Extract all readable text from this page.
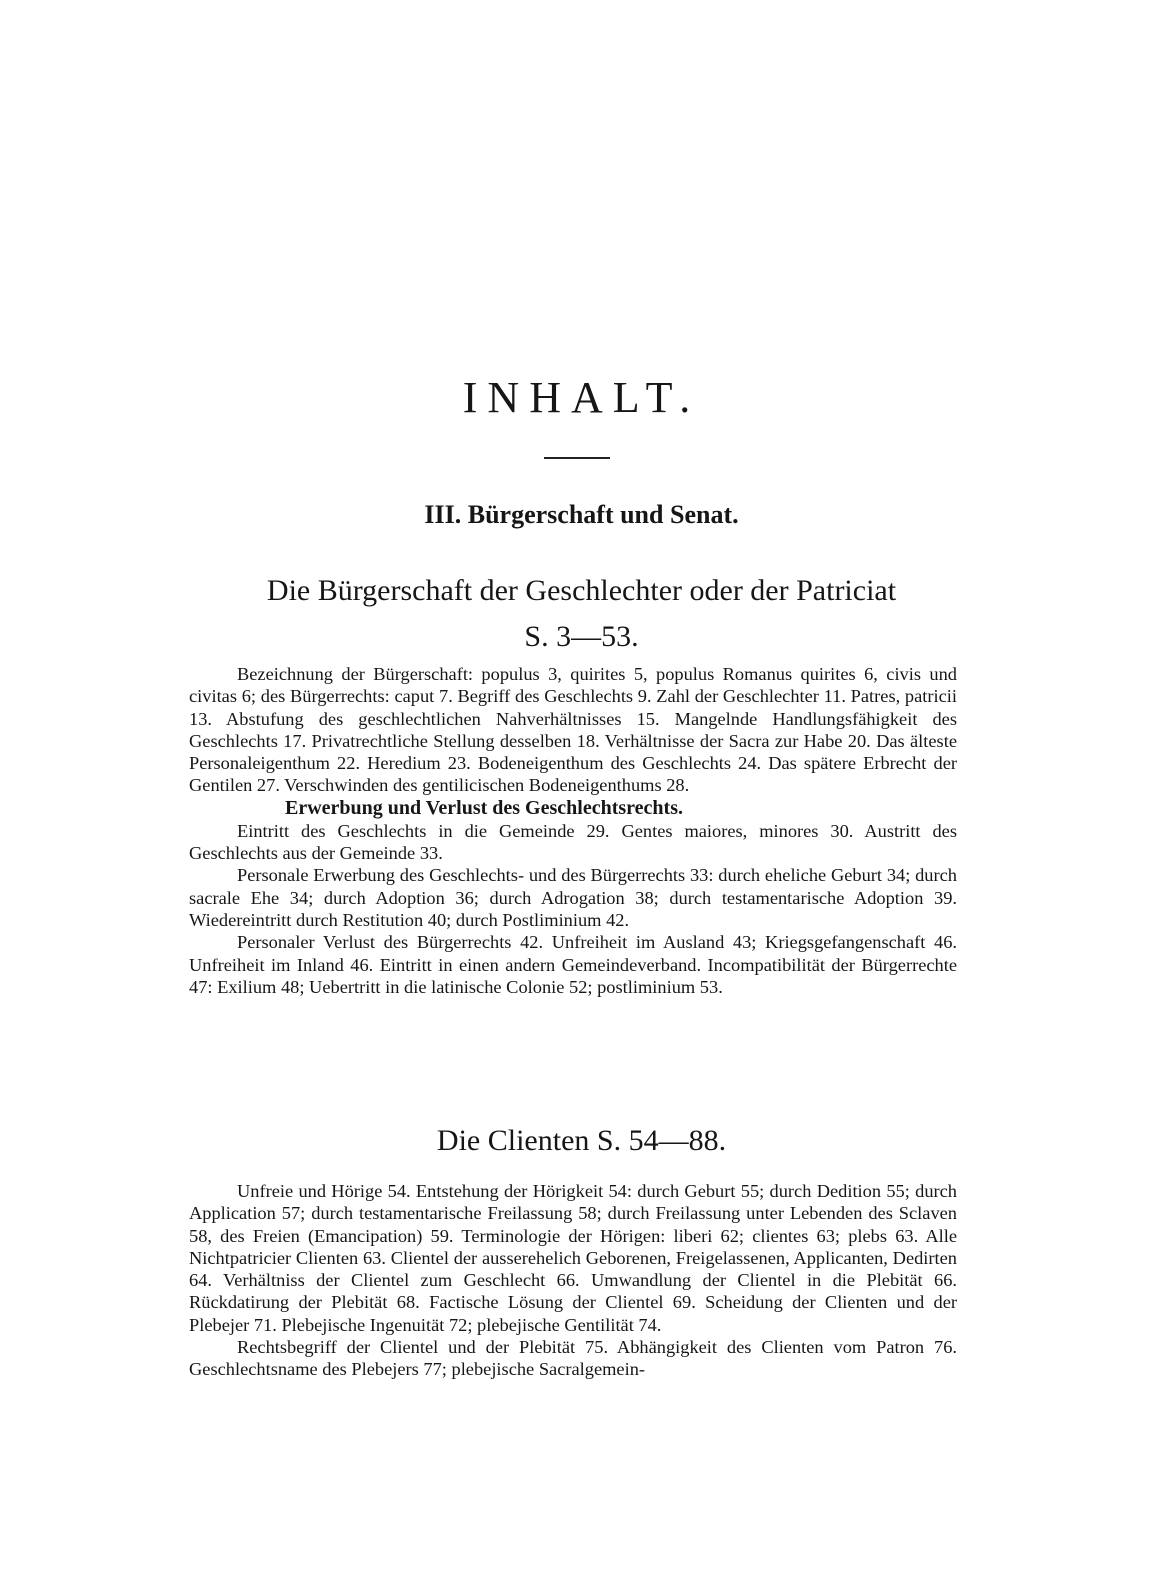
INHALT.
III. Bürgerschaft und Senat.
Die Bürgerschaft der Geschlechter oder der Patriciat
S. 3—53.

Bezeichnung der Bürgerschaft: populus 3, quirites 5, populus Romanus quirites 6, civis und civitas 6; des Bürgerrechts: caput 7. Begriff des Geschlechts 9. Zahl der Geschlechter 11. Patres, patricii 13. Abstufung des geschlechtlichen Nahverhältnisses 15. Mangelnde Handlungsfähigkeit des Geschlechts 17. Privatrechtliche Stellung desselben 18. Verhältnisse der Sacra zur Habe 20. Das älteste Personaleigenthum 22. Heredium 23. Bodeneigenthum des Geschlechts 24. Das spätere Erbrecht der Gentilen 27. Verschwinden des gentilicischen Bodeneigenthums 28.

Erwerbung und Verlust des Geschlechtsrechts.

Eintritt des Geschlechts in die Gemeinde 29. Gentes maiores, minores 30. Austritt des Geschlechts aus der Gemeinde 33.

Personale Erwerbung des Geschlechts- und des Bürgerrechts 33: durch eheliche Geburt 34; durch sacrale Ehe 34; durch Adoption 36; durch Adrogation 38; durch testamentarische Adoption 39. Wiedereintritt durch Restitution 40; durch Postliminium 42.

Personaler Verlust des Bürgerrechts 42. Unfreiheit im Ausland 43; Kriegsgefangenschaft 46. Unfreiheit im Inland 46. Eintritt in einen andern Gemeindeverband. Incompatibilität der Bürgerrechte 47: Exilium 48; Uebertritt in die latinische Colonie 52; postliminium 53.

Die Clienten S. 54—88.

Unfreie und Hörige 54. Entstehung der Hörigkeit 54: durch Geburt 55; durch Dedition 55; durch Application 57; durch testamentarische Freilassung 58; durch Freilassung unter Lebenden des Sclaven 58, des Freien (Emancipation) 59. Terminologie der Hörigen: liberi 62; clientes 63; plebs 63. Alle Nichtpatricier Clienten 63. Clientel der ausserehelich Geborenen, Freigelassenen, Applicanten, Dedirten 64. Verhältniss der Clientel zum Geschlecht 66. Umwandlung der Clientel in die Plebität 66. Rückdatirung der Plebität 68. Factische Lösung der Clientel 69. Scheidung der Clienten und der Plebejer 71. Plebejische Ingenuität 72; plebejische Gentilität 74.

Rechtsbegriff der Clientel und der Plebität 75. Abhängigkeit des Clienten vom Patron 76. Geschlechtsname des Plebejers 77; plebejische Sacralgemein-
